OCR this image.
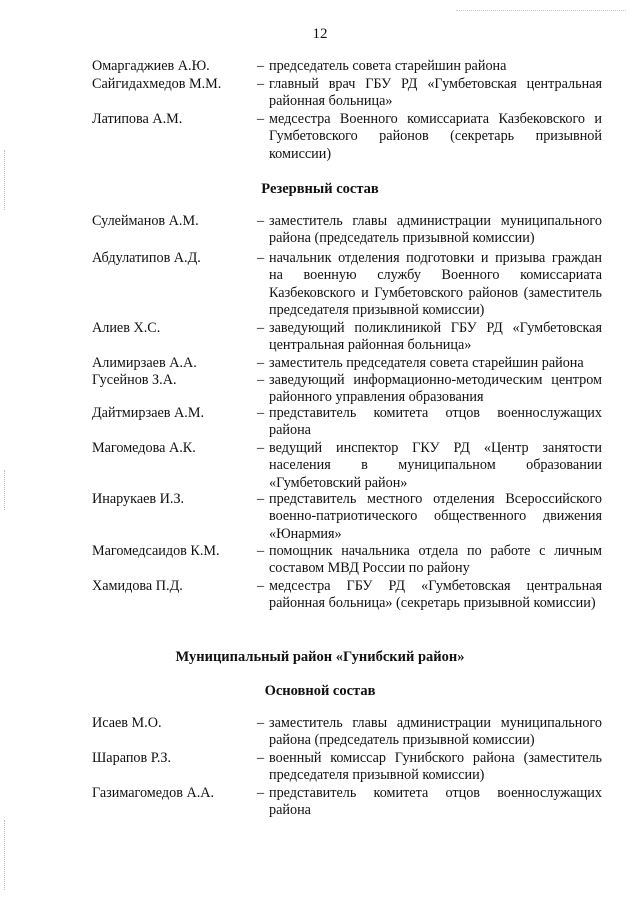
12
Омаргаджиев А.Ю.	– председатель совета старейшин района
Сайгидахмедов М.М.	– главный врач ГБУ РД «Гумбетовская центральная районная больница»
Латипова А.М.	– медсестра Военного комиссариата Казбековского и Гумбетовского районов (секретарь призывной комиссии)
Резервный состав
Сулейманов А.М.	– заместитель главы администрации муниципального района (председатель призывной комиссии)
Абдулатипов А.Д.	– начальник отделения подготовки и призыва граждан на военную службу Военного комиссариата Казбековского и Гумбетовского районов (заместитель председателя призывной комиссии)
Алиев Х.С.	– заведующий поликлиникой ГБУ РД «Гумбетовская центральная районная больница»
Алимирзаев А.А.	– заместитель председателя совета старейшин района
Гусейнов З.А.	– заведующий информационно-методическим центром районного управления образования
Дайтмирзаев А.М.	– представитель комитета отцов военнослужащих района
Магомедова А.К.	– ведущий инспектор ГКУ РД «Центр занятости населения в муниципальном образовании «Гумбетовский район»
Инарукаев И.З.	– представитель местного отделения Всероссийского военно-патриотического общественного движения «Юнармия»
Магомедсаидов К.М.	– помощник начальника отдела по работе с личным составом МВД России по району
Хамидова П.Д.	– медсестра ГБУ РД «Гумбетовская центральная районная больница» (секретарь призывной комиссии)
Муниципальный район «Гунибский район»
Основной состав
Исаев М.О.	– заместитель главы администрации муниципального района (председатель призывной комиссии)
Шарапов Р.З.	– военный комиссар Гунибского района (заместитель председателя призывной комиссии)
Газимагомедов А.А.	– представитель комитета отцов военнослужащих района
